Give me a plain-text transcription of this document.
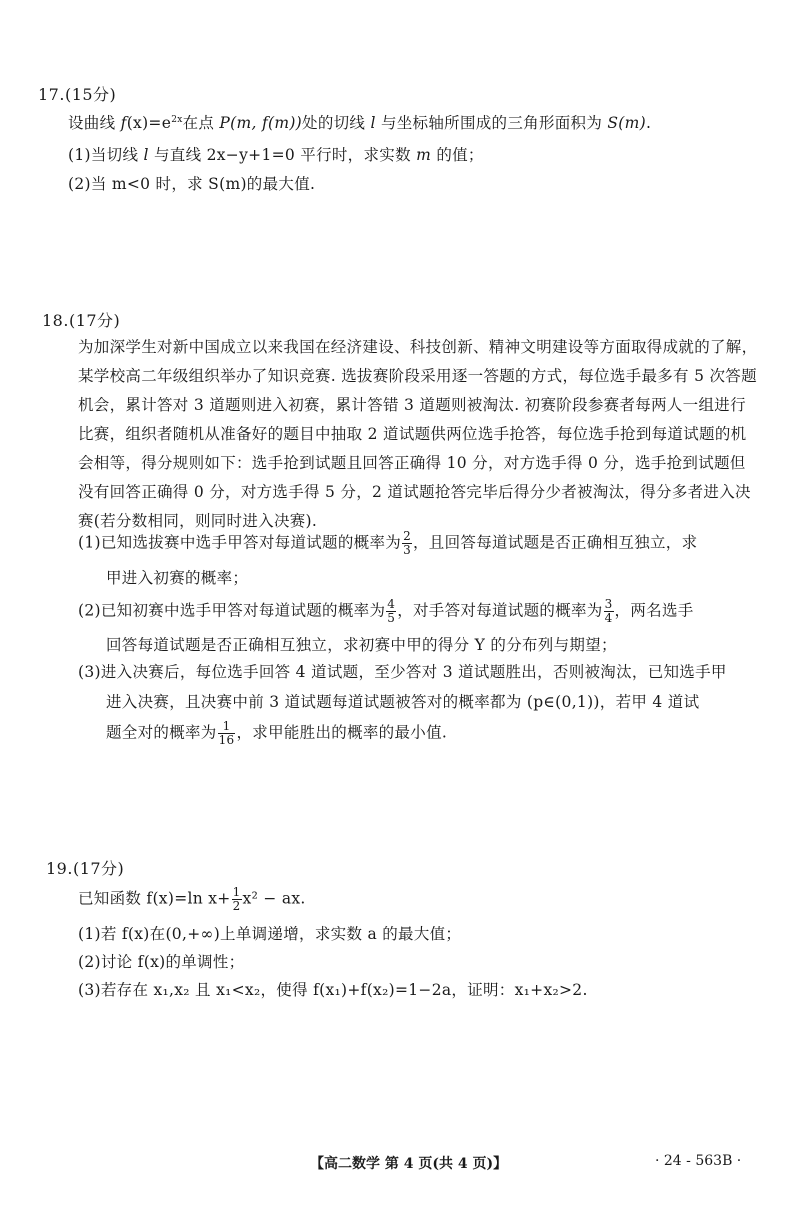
17.(15分)
设曲线 $f(x)=e^{2x}$在点 P(m, f(m))处的切线 l 与坐标轴所围成的三角形面积为 S(m).
(1)当切线 l 与直线 2x−y+1=0 平行时，求实数 m 的值；
(2)当 m<0 时，求 S(m)的最大值.
18.(17分)
为加深学生对新中国成立以来我国在经济建设、科技创新、精神文明建设等方面取得成就的了解，某学校高二年级组织举办了知识竞赛. 选拔赛阶段采用逐一答题的方式，每位选手最多有 5 次答题机会，累计答对 3 道题则进入初赛，累计答错 3 道题则被淘汰. 初赛阶段参赛者每两人一组进行比赛，组织者随机从准备好的题目中抽取 2 道试题供两位选手抢答，每位选手抢到每道试题的机会相等，得分规则如下：选手抢到试题且回答正确得 10 分，对方选手得 0 分，选手抢到试题但没有回答正确得 0 分，对方选手得 5 分，2 道试题抢答完毕后得分少者被淘汰，得分多者进入决赛(若分数相同，则同时进入决赛).
(1)已知选拔赛中选手甲答对每道试题的概率为 $\frac{2}{3}$ ，且回答每道试题是否正确相互独立，求
甲进入初赛的概率；
(2)已知初赛中选手甲答对每道试题的概率为 $\frac{4}{5}$ ，对手答对每道试题的概率为 $\frac{3}{4}$ ，两名选手
回答每道试题是否正确相互独立，求初赛中甲的得分 Y 的分布列与期望；
(3)进入决赛后，每位选手回答 4 道试题，至少答对 3 道试题胜出，否则被淘汰，已知选手甲
进入决赛，且决赛中前 3 道试题每道试题被答对的概率都为 (p∈(0,1))，若甲 4 道试
题全对的概率为 $\frac{1}{16}$ ，求甲能胜出的概率的最小值.
19.(17分)
已知函数 f(x)=ln $x+ \frac{1}{2} x^2$ − ax.
(1)若 f(x)在(0,+∞)上单调递增，求实数 a 的最大值；
(2)讨论 f(x)的单调性；
(3)若存在 x₁,x₂ 且 x₁<x₂，使得 f(x₁)+f(x₂)=1−2a，证明：x₁+x₂>2.
【高二数学 第 4 页(共 4 页)】	· 24 - 563B ·
